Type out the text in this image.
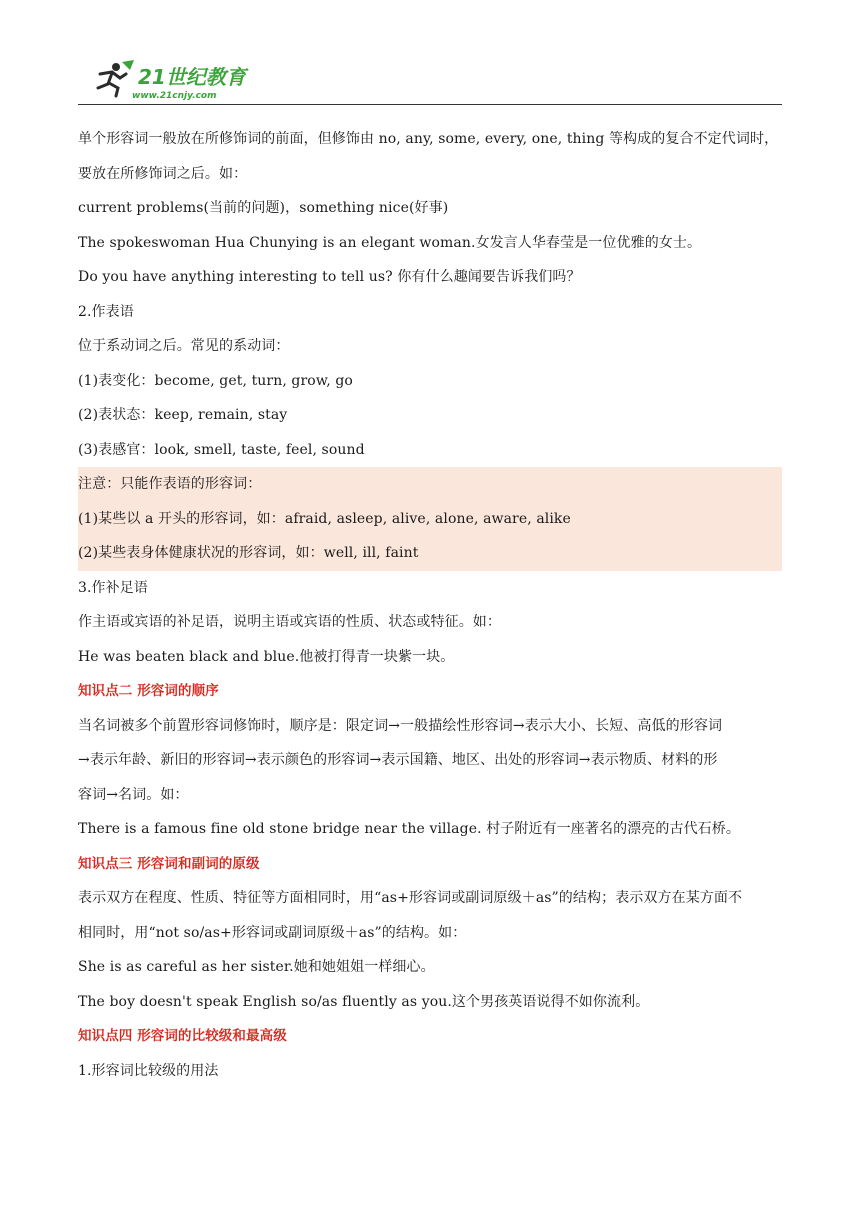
21世纪教育
www.21cnjy.com
单个形容词一般放在所修饰词的前面，但修饰由 no, any, some, every, one, thing 等构成的复合不定代词时，
要放在所修饰词之后。如：
current problems(当前的问题)，something nice(好事)
The spokeswoman Hua Chunying is an elegant woman.女发言人华春莹是一位优雅的女士。
Do you have anything interesting to tell us? 你有什么趣闻要告诉我们吗？
2.作表语
位于系动词之后。常见的系动词：
(1)表变化：become, get, turn, grow, go
(2)表状态：keep, remain, stay
(3)表感官：look, smell, taste, feel, sound
注意：只能作表语的形容词：
(1)某些以 a 开头的形容词，如：afraid, asleep, alive, alone, aware, alike
(2)某些表身体健康状况的形容词，如：well, ill, faint
3.作补足语
作主语或宾语的补足语，说明主语或宾语的性质、状态或特征。如：
He was beaten black and blue.他被打得青一块紫一块。
知识点二 形容词的顺序
当名词被多个前置形容词修饰时，顺序是：限定词→一般描绘性形容词→表示大小、长短、高低的形容词
→表示年龄、新旧的形容词→表示颜色的形容词→表示国籍、地区、出处的形容词→表示物质、材料的形
容词→名词。如：
There is a famous fine old stone bridge near the village. 村子附近有一座著名的漂亮的古代石桥。
知识点三 形容词和副词的原级
表示双方在程度、性质、特征等方面相同时，用“as+形容词或副词原级＋as”的结构；表示双方在某方面不
相同时，用“not so/as+形容词或副词原级＋as”的结构。如：
She is as careful as her sister.她和她姐姐一样细心。
The boy doesn't speak English so/as fluently as you.这个男孩英语说得不如你流利。
知识点四 形容词的比较级和最高级
1.形容词比较级的用法
